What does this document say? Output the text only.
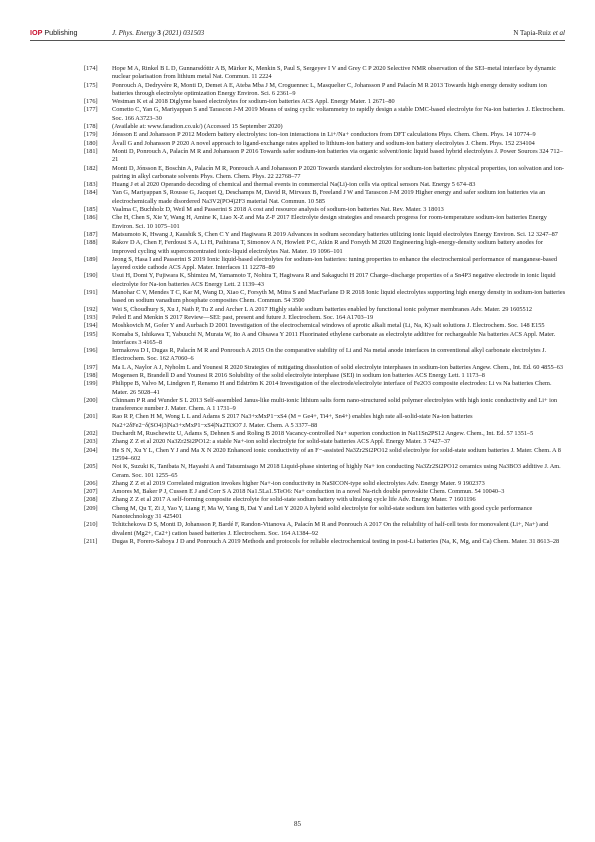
IOP Publishing	J. Phys. Energy 3 (2021) 031503	N Tapia-Ruiz et al
[174] Hope M A, Rinkel B L D, Gunnarsdóttir A B, Märker K, Menkin S, Paul S, Sergeyev I V and Grey C P 2020 Selective NMR observation of the SEI–metal interface by dynamic nuclear polarisation from lithium metal Nat. Commun. 11 2224
[175] Ponrouch A, Dedryvère R, Monti D, Demet A E, Ateba Mba J M, Croguennec L, Masquelier C, Johansson P and Palacín M R 2013 Towards high energy density sodium ion batteries through electrolyte optimization Energy Environ. Sci. 6 2361–9
[176] Westman K et al 2018 Diglyme based electrolytes for sodium-ion batteries ACS Appl. Energy Mater. 1 2671–80
[177] Cometto C, Yan G, Mariyappan S and Tarascon J-M 2019 Means of using cyclic voltammetry to rapidly design a stable DMC-based electrolyte for Na-ion batteries J. Electrochem. Soc. 166 A3723–30
[178] (Available at: www.faradion.co.uk/) (Accessed 15 September 2020)
[179] Jónsson E and Johansson P 2012 Modern battery electrolytes: ion–ion interactions in Li+/Na+ conductors from DFT calculations Phys. Chem. Chem. Phys. 14 10774–9
[180] Åvall G and Johansson P 2020 A novel approach to ligand-exchange rates applied to lithium-ion battery and sodium-ion battery electrolytes J. Chem. Phys. 152 234104
[181] Monti D, Ponrouch A, Palacín M R and Johansson P 2016 Towards safer sodium-ion batteries via organic solvent/ionic liquid based hybrid electrolytes J. Power Sources 324 712–21
[182] Monti D, Jónsson E, Boschin A, Palacín M R, Ponrouch A and Johansson P 2020 Towards standard electrolytes for sodium-ion batteries: physical properties, ion solvation and ion-pairing in alkyl carbonate solvents Phys. Chem. Chem. Phys. 22 22768–77
[183] Huang J et al 2020 Operando decoding of chemical and thermal events in commercial Na(Li)-ion cells via optical sensors Nat. Energy 5 674–83
[184] Yan G, Mariyappan S, Rousse G, Jacquet Q, Deschamps M, David R, Mirvaux B, Freeland J W and Tarascon J-M 2019 Higher energy and safer sodium ion batteries via an electrochemically made disordered Na3V2(PO4)2F3 material Nat. Commun. 10 585
[185] Vaalma C, Buchholz D, Weil M and Passerini S 2018 A cost and resource analysis of sodium-ion batteries Nat. Rev. Mater. 3 18013
[186] Che H, Chen S, Xie Y, Wang H, Amine K, Liao X-Z and Ma Z-F 2017 Electrolyte design strategies and research progress for room-temperature sodium-ion batteries Energy Environ. Sci. 10 1075–101
[187] Matsumoto K, Hwang J, Kaushik S, Chen C Y and Hagiwara R 2019 Advances in sodium secondary batteries utilizing ionic liquid electrolytes Energy Environ. Sci. 12 3247–87
[188] Rakov D A, Chen F, Ferdousi S A, Li H, Pathirana T, Simonov A N, Howlett P C, Atkin R and Forsyth M 2020 Engineering high-energy-density sodium battery anodes for improved cycling with superconcentrated ionic-liquid electrolytes Nat. Mater. 19 1096–101
[189] Jeong S, Hasa I and Passerini S 2019 Ionic liquid-based electrolytes for sodium-ion batteries: tuning properties to enhance the electrochemical performance of manganese-based layered oxide cathode ACS Appl. Mater. Interfaces 11 12278–89
[190] Usui H, Domi Y, Fujiwara K, Shimizu M, Yamamoto T, Nohira T, Hagiwara R and Sakaguchi H 2017 Charge–discharge properties of a Sn4P3 negative electrode in ionic liquid electrolyte for Na-ion batteries ACS Energy Lett. 2 1139–43
[191] Manohar C V, Mendes T C, Kar M, Wang D, Xiao C, Forsyth M, Mitra S and MacFarlane D R 2018 Ionic liquid electrolytes supporting high energy density in sodium-ion batteries based on sodium vanadium phosphate composites Chem. Commun. 54 3500
[192] Wei S, Choudhury S, Xu J, Nath P, Tu Z and Archer L A 2017 Highly stable sodium batteries enabled by functional ionic polymer membranes Adv. Mater. 29 1605512
[193] Peled E and Menkin S 2017 Review—SEI: past, present and future J. Electrochem. Soc. 164 A1703–19
[194] Moshkovich M, Gofer Y and Aurbach D 2001 Investigation of the electrochemical windows of aprotic alkali metal (Li, Na, K) salt solutions J. Electrochem. Soc. 148 E155
[195] Komaba S, Ishikawa T, Yabuuchi N, Murata W, Ito A and Ohsawa Y 2011 Fluorinated ethylene carbonate as electrolyte additive for rechargeable Na batteries ACS Appl. Mater. Interfaces 3 4165–8
[196] Iermakova D I, Dugas R, Palacín M R and Ponrouch A 2015 On the comparative stability of Li and Na metal anode interfaces in conventional alkyl carbonate electrolytes J. Electrochem. Soc. 162 A7060–6
[197] Ma L A, Naylor A J, Nyholm L and Younesi R 2020 Strategies of mitigating dissolution of solid electrolyte interphases in sodium-ion batteries Angew. Chem., Int. Ed. 60 4855–63
[198] Mogensen R, Brandell D and Younesi R 2016 Solubility of the solid electrolyte interphase (SEI) in sodium ion batteries ACS Energy Lett. 1 1173–8
[199] Philippe B, Valvo M, Lindgren F, Rensmo H and Edström K 2014 Investigation of the electrode/electrolyte interface of Fe2O3 composite electrodes: Li vs Na batteries Chem. Mater. 26 5028–41
[200] Chinnam P R and Wunder S L 2013 Self-assembled Janus-like multi-ionic lithium salts form nano-structured solid polymer electrolytes with high ionic conductivity and Li+ ion transference number J. Mater. Chem. A 1 1731–9
[201] Rao R P, Chen H M, Wong L L and Adams S 2017 Na3+xMxP1−xS4 (M = Ge4+, Ti4+, Sn4+) enables high rate all-solid-state Na-ion batteries Na2+2δFe2−δ(SO4)3|Na3+xMxP1−xS4|Na2Ti3O7 J. Mater. Chem. A 5 3377–88
[202] Duchardt M, Ruschewitz U, Adams S, Dehnen S and Roling B 2018 Vacancy-controlled Na+ superion conduction in Na11Sn2PS12 Angew. Chem., Int. Ed. 57 1351–5
[203] Zhang Z Z et al 2020 Na3Zr2Si2PO12: a stable Na+-ion solid electrolyte for solid-state batteries ACS Appl. Energy Mater. 3 7427–37
[204] He S N, Xu Y L, Chen Y J and Ma X N 2020 Enhanced ionic conductivity of an F−-assisted Na3Zr2Si2PO12 solid electrolyte for solid-state sodium batteries J. Mater. Chem. A 8 12594–602
[205] Noi K, Suzuki K, Tanibata N, Hayashi A and Tatsumisago M 2018 Liquid-phase sintering of highly Na+ ion conducting Na3Zr2Si2PO12 ceramics using Na3BO3 additive J. Am. Ceram. Soc. 101 1255–65
[206] Zhang Z Z et al 2019 Correlated migration invokes higher Na+-ion conductivity in NaSICON-type solid electrolytes Adv. Energy Mater. 9 1902373
[207] Amores M, Baker P J, Cussen E J and Corr S A 2018 Na1.5La1.5TeO6: Na+ conduction in a novel Na-rich double perovskite Chem. Commun. 54 10040–3
[208] Zhang Z Z et al 2017 A self-forming composite electrolyte for solid-state sodium battery with ultralong cycle life Adv. Energy Mater. 7 1601196
[209] Cheng M, Qu T, Zi J, Yao Y, Liang F, Ma W, Yang B, Dai Y and Lei Y 2020 A hybrid solid electrolyte for solid-state sodium ion batteries with good cycle performance Nanotechnology 31 425401
[210] Tchitchekova D S, Monti D, Johansson P, Bardé F, Randon-Vitanova A, Palacín M R and Ponrouch A 2017 On the reliability of half-cell tests for monovalent (Li+, Na+) and divalent (Mg2+, Ca2+) cation based batteries J. Electrochem. Soc. 164 A1384–92
[211] Dugas R, Forero-Saboya J D and Ponrouch A 2019 Methods and protocols for reliable electrochemical testing in post-Li batteries (Na, K, Mg, and Ca) Chem. Mater. 31 8613–28
85
